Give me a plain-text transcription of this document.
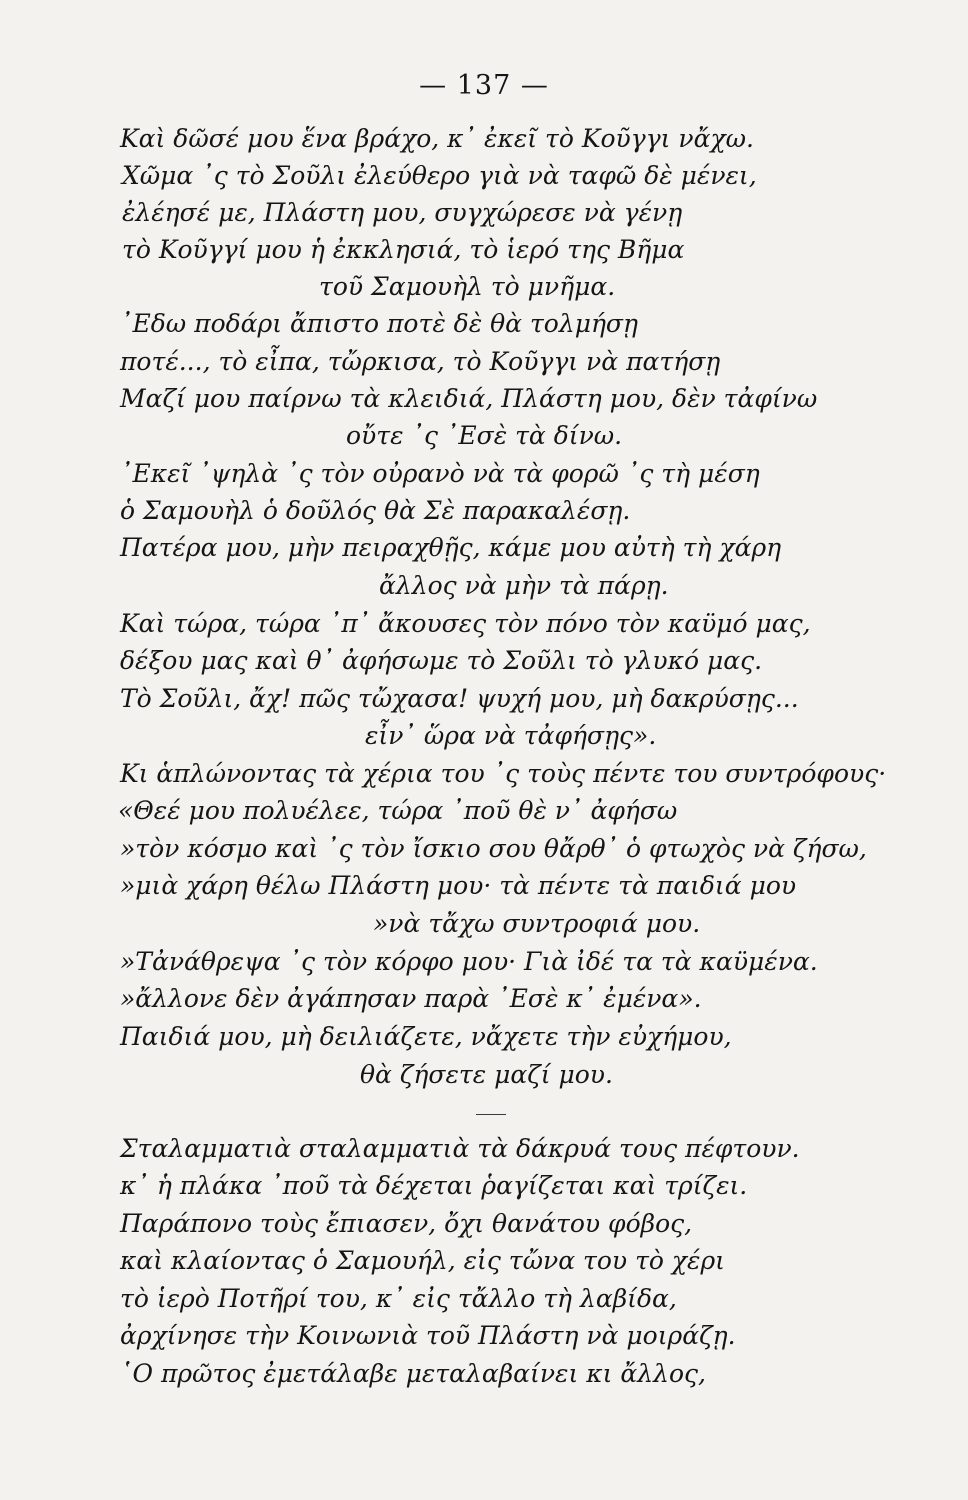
— 137 —
Καὶ δῶσέ μου ἕνα βράχο, κ᾽ ἐκεῖ τὸ Κοῦγγι νἄχω.
Χῶμα ᾽ς τὸ Σοῦλι ἐλεύθερο γιὰ νὰ ταφῶ δὲ μένει,
ἐλέησέ με, Πλάστη μου, συγχώρεσε νὰ γένῃ
τὸ Κοῦγγί μου ἡ ἐκκλησιά, τὸ ἱερό της Βῆμα
τοῦ Σαμουὴλ τὸ μνῆμα.
᾽Εδω ποδάρι ἄπιστο ποτὲ δὲ θὰ τολμήσῃ
ποτέ..., τὸ εἶπα, τὤρκισα, τὸ Κοῦγγι νὰ πατήσῃ
Μαζί μου παίρνω τὰ κλειδιά, Πλάστη μου, δὲν τἀφίνω
οὔτε ᾽ς ᾽Εσὲ τὰ δίνω.
᾽Εκεῖ ᾽ψηλὰ ᾽ς τὸν οὐρανὸ νὰ τὰ φορῶ ᾽ς τὴ μέση
ὁ Σαμουὴλ ὁ δοῦλός θὰ Σὲ παρακαλέσῃ.
Πατέρα μου, μὴν πειραχθῇς, κάμε μου αὐτὴ τὴ χάρη
ἄλλος νὰ μὴν τὰ πάρῃ.
Καὶ τώρα, τώρα ᾽π᾽ ἄκουσες τὸν πόνο τὸν καϋμό μας,
δέξου μας καὶ θ᾽ ἀφήσωμε τὸ Σοῦλι τὸ γλυκό μας.
Τὸ Σοῦλι, ἄχ! πῶς τὤχασα! ψυχή μου, μὴ δακρύσῃς...
εἶν᾽ ὥρα νὰ τἀφήσῃς».
Κι ἁπλώνοντας τὰ χέρια του ᾽ς τοὺς πέντε του συντρόφους·
«Θεέ μου πολυέλεε, τώρα ᾽ποῦ θὲ ν᾽ ἀφήσω
»τὸν κόσμο καὶ ᾽ς τὸν ἴσκιο σου θἄρθ᾽ ὁ φτωχὸς νὰ ζήσω,
»μιὰ χάρη θέλω Πλάστη μου· τὰ πέντε τὰ παιδιά μου
»νὰ τἄχω συντροφιά μου.
»Τἀνάθρεψα ᾽ς τὸν κόρφο μου· Γιὰ ἰδέ τα τὰ καϋμένα.
»ἄλλονε δὲν ἀγάπησαν παρὰ ᾽Εσὲ κ᾽ ἐμένα».
Παιδιά μου, μὴ δειλιάζετε, νἄχετε τὴν εὐχήμου,
θὰ ζήσετε μαζί μου.
Σταλαμματιὰ σταλαμματιὰ τὰ δάκρυά τους πέφτουν.
κ᾽ ἡ πλάκα ᾽ποῦ τὰ δέχεται ῥαγίζεται καὶ τρίζει.
Παράπονο τοὺς ἔπιασεν, ὄχι θανάτου φόβος,
καὶ κλαίοντας ὁ Σαμουήλ, εἰς τὤνα του τὸ χέρι
τὸ ἱερὸ Ποτῆρί του, κ᾽ εἰς τἄλλο τὴ λαβίδα,
ἀρχίνησε τὴν Κοινωνιὰ τοῦ Πλάστη νὰ μοιράζῃ.
῾Ο πρῶτος ἐμετάλαβε μεταλαβαίνει κι ἄλλος,
